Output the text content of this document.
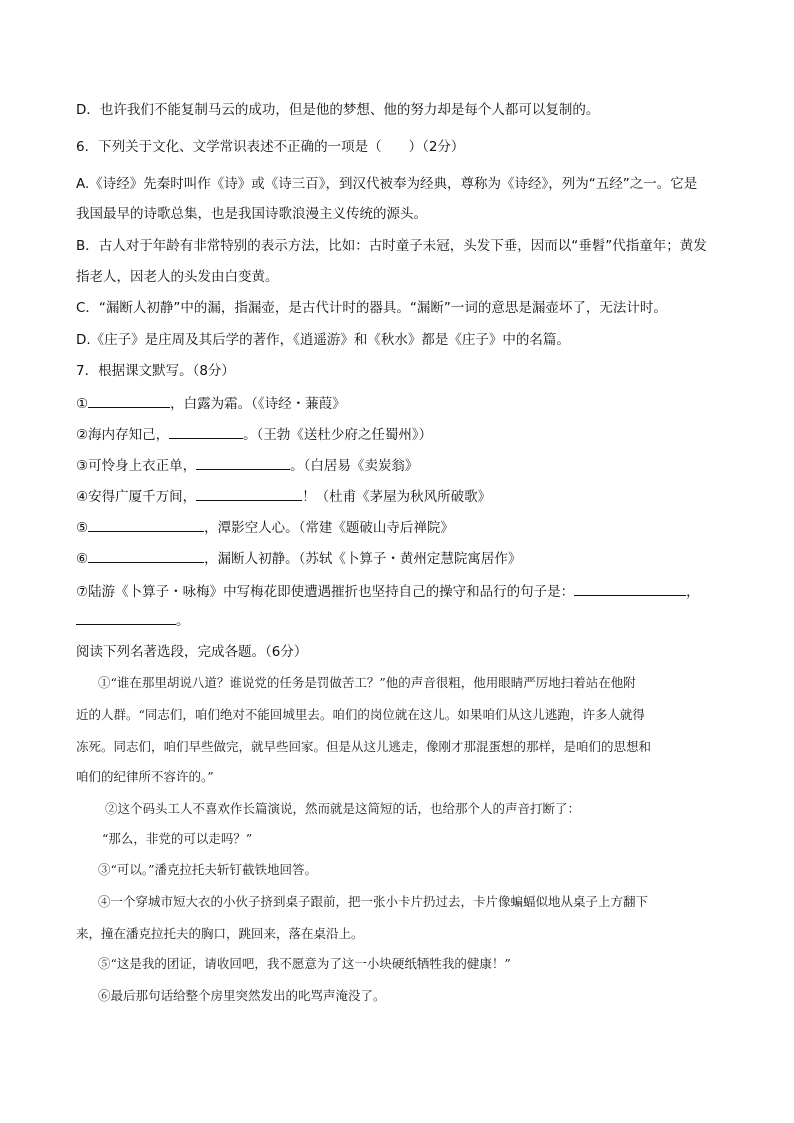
D．也许我们不能复制马云的成功，但是他的梦想、他的努力却是每个人都可以复制的。
6．下列关于文化、文学常识表述不正确的一项是（　　）（2分）
A.《诗经》先秦时叫作《诗》或《诗三百》，到汉代被奉为经典，尊称为《诗经》，列为“五经”之一。它是
我国最早的诗歌总集，也是我国诗歌浪漫主义传统的源头。
B．古人对于年龄有非常特别的表示方法，比如：古时童子未冠，头发下垂，因而以“垂髫”代指童年；黄发
指老人，因老人的头发由白变黄。
C．“漏断人初静”中的漏，指漏壶，是古代计时的器具。“漏断”一词的意思是漏壶坏了，无法计时。
D.《庄子》是庄周及其后学的著作，《逍遥游》和《秋水》都是《庄子》中的名篇。
7．根据课文默写。（8分）
①	，白露为霜。（《诗经・蒹葭》
②海内存知己，	。（王勃《送杜少府之任蜀州》）
③可怜身上衣正单，	。（白居易《卖炭翁》
④安得广厦千万间，	！（杜甫《茅屋为秋风所破歌》
⑤	，潭影空人心。（常建《题破山寺后禅院》
⑥	，漏断人初静。（苏轼《卜算子・黄州定慧院寓居作》
⑦陆游《卜算子・咏梅》中写梅花即使遭遇摧折也坚持自己的操守和品行的句子是：	，
。
阅读下列名著选段，完成各题。（6分）
①“谁在那里胡说八道？谁说党的任务是罚做苦工？”他的声音很粗，他用眼睛严厉地扫着站在他附
近的人群。“同志们，咱们绝对不能回城里去。咱们的岗位就在这儿。如果咱们从这儿逃跑，许多人就得
冻死。同志们，咱们早些做完，就早些回家。但是从这儿逃走，像刚才那混蛋想的那样，是咱们的思想和
咱们的纪律所不容许的。”
②这个码头工人不喜欢作长篇演说，然而就是这简短的话，也给那个人的声音打断了：
“那么，非党的可以走吗？”
③“可以。”潘克拉托夫斩钉截铁地回答。
④一个穿城市短大衣的小伙子挤到桌子跟前，把一张小卡片扔过去，卡片像蝙蝠似地从桌子上方翻下
来，撞在潘克拉托夫的胸口，跳回来，落在桌沿上。
⑤“这是我的团证，请收回吧，我不愿意为了这一小块硬纸牺牲我的健康！”
⑥最后那句话给整个房里突然发出的叱骂声淹没了。
